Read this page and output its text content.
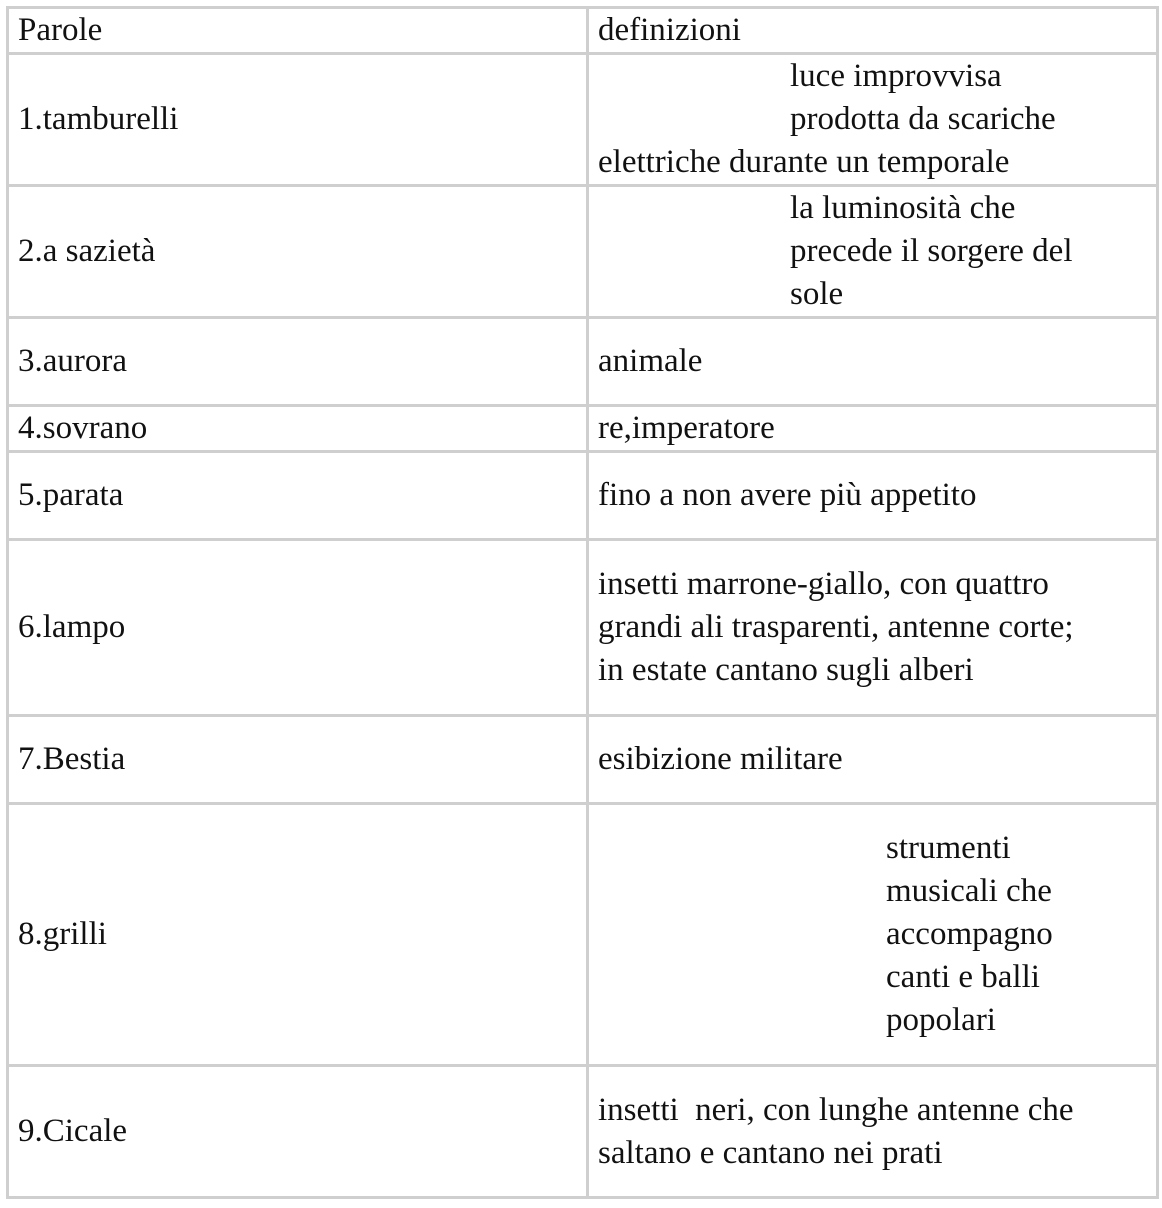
Parole	definizioni
1.tamburelli	luce improvvisa
prodotta da scariche
elettriche durante un temporale

2.a sazietà	la luminosità che
precede il sorgere del
sole

3.aurora	animale

4.sovrano	re,imperatore

5.parata	fino a non avere più appetito

6.lampo	insetti marrone-giallo, con quattro
grandi ali trasparenti, antenne corte;
in estate cantano sugli alberi

7.Bestia	esibizione militare

8.grilli	strumenti
musicali che
accompagno
canti e balli
popolari

9.Cicale	insetti  neri, con lunghe antenne che
saltano e cantano nei prati
